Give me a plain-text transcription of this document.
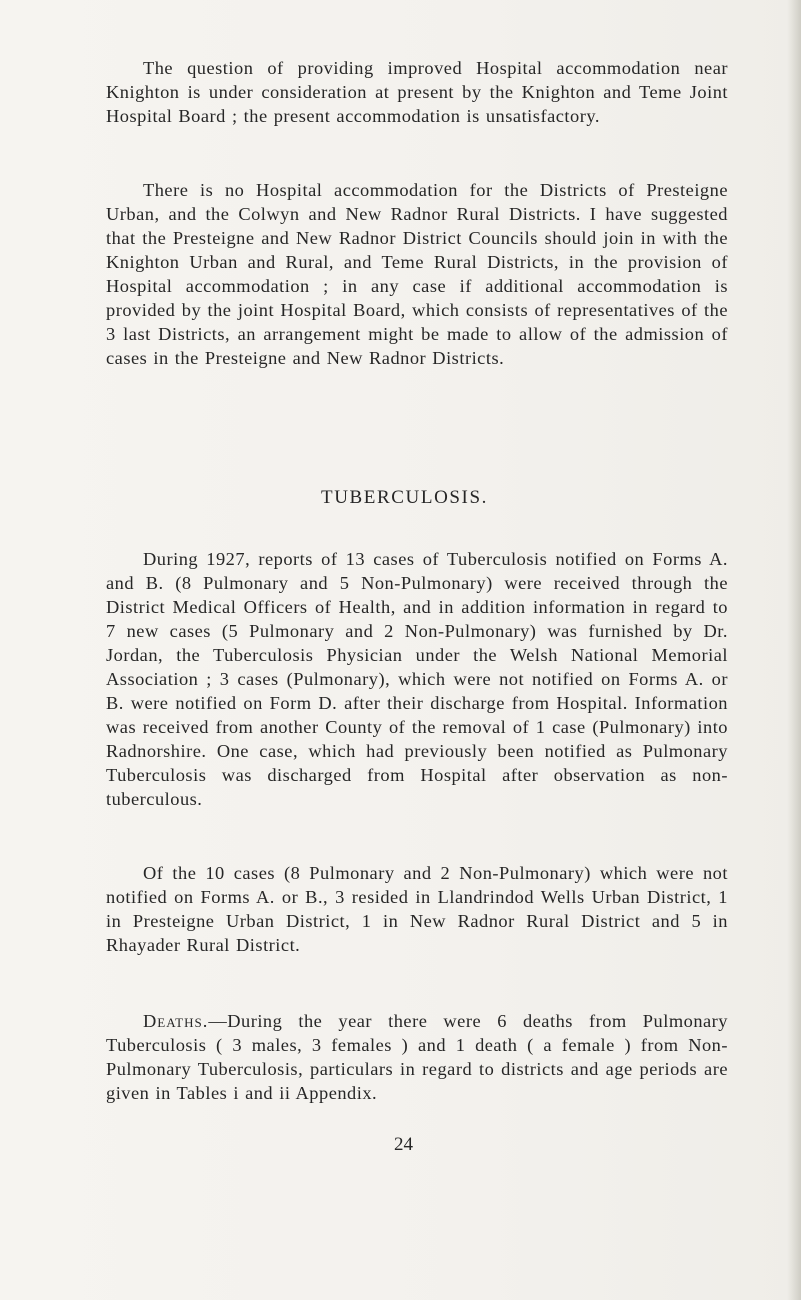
The question of providing improved Hospital accommodation near Knighton is under consideration at present by the Knighton and Teme Joint Hospital Board ; the present accommodation is unsatisfactory.

There is no Hospital accommodation for the Districts of Presteigne Urban, and the Colwyn and New Radnor Rural Districts. I have suggested that the Presteigne and New Radnor District Councils should join in with the Knighton Urban and Rural, and Teme Rural Districts, in the provision of Hospital accommodation ; in any case if additional accommodation is provided by the joint Hospital Board, which consists of representatives of the 3 last Districts, an arrangement might be made to allow of the admission of cases in the Presteigne and New Radnor Districts.

TUBERCULOSIS.

During 1927, reports of 13 cases of Tuberculosis notified on Forms A. and B. (8 Pulmonary and 5 Non-Pulmonary) were received through the District Medical Officers of Health, and in addition information in regard to 7 new cases (5 Pulmonary and 2 Non-Pulmonary) was furnished by Dr. Jordan, the Tuberculosis Physician under the Welsh National Memorial Association ; 3 cases (Pulmonary), which were not notified on Forms A. or B. were notified on Form D. after their discharge from Hospital. Information was received from another County of the removal of 1 case (Pulmonary) into Radnorshire. One case, which had previously been notified as Pulmonary Tuberculosis was discharged from Hospital after observation as non-tuberculous.

Of the 10 cases (8 Pulmonary and 2 Non-Pulmonary) which were not notified on Forms A. or B., 3 resided in Llandrindod Wells Urban District, 1 in Presteigne Urban District, 1 in New Radnor Rural District and 5 in Rhayader Rural District.

Deaths.—During the year there were 6 deaths from Pulmonary Tuberculosis ( 3 males, 3 females ) and 1 death ( a female ) from Non-Pulmonary Tuberculosis, particulars in regard to districts and age periods are given in Tables i and ii Appendix.

24
